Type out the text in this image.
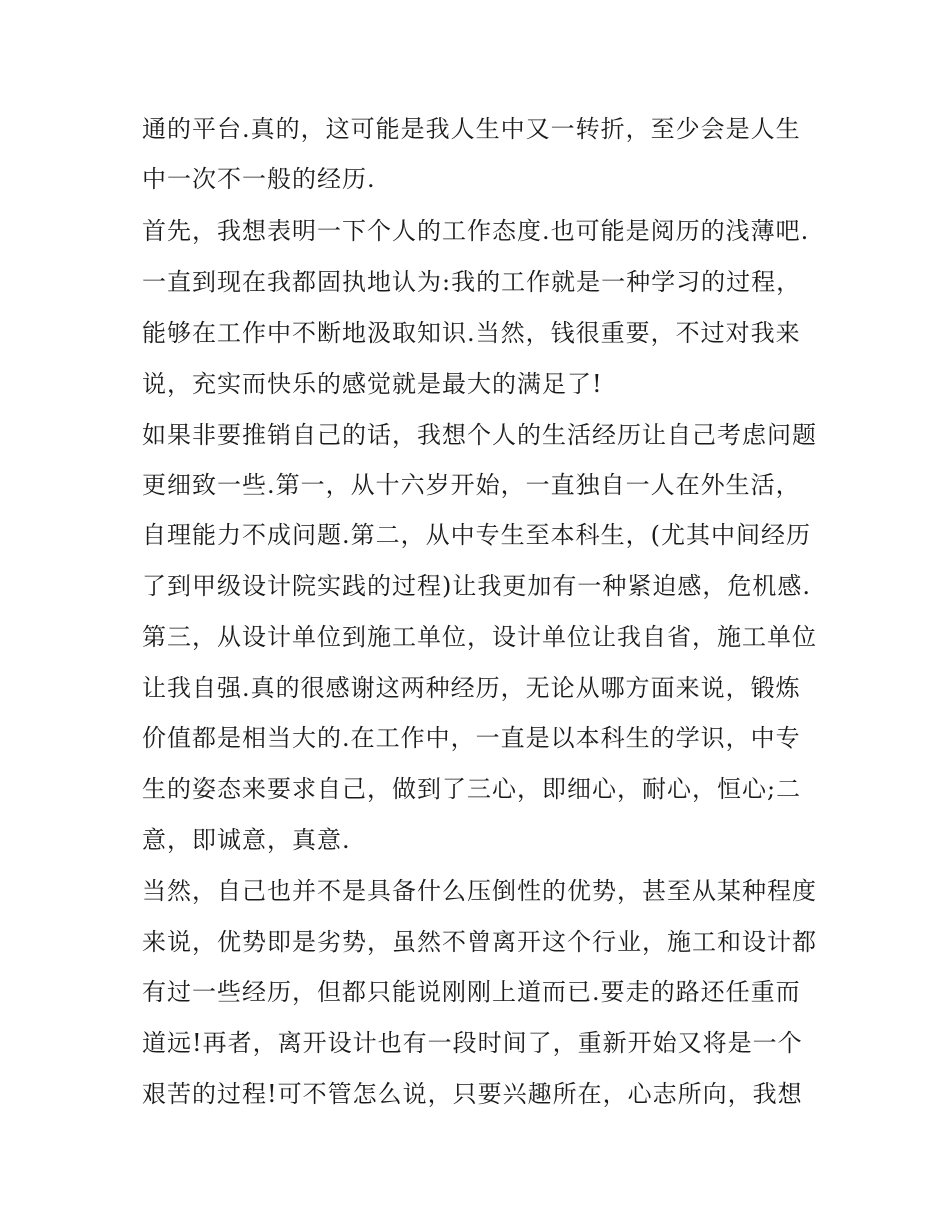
通的平台.真的，这可能是我人生中又一转折，至少会是人生
中一次不一般的经历.
首先，我想表明一下个人的工作态度.也可能是阅历的浅薄吧.
一直到现在我都固执地认为:我的工作就是一种学习的过程，
能够在工作中不断地汲取知识.当然，钱很重要，不过对我来
说，充实而快乐的感觉就是最大的满足了!
如果非要推销自己的话，我想个人的生活经历让自己考虑问题
更细致一些.第一，从十六岁开始，一直独自一人在外生活，
自理能力不成问题.第二，从中专生至本科生，(尤其中间经历
了到甲级设计院实践的过程)让我更加有一种紧迫感，危机感.
第三，从设计单位到施工单位，设计单位让我自省，施工单位
让我自强.真的很感谢这两种经历，无论从哪方面来说，锻炼
价值都是相当大的.在工作中，一直是以本科生的学识，中专
生的姿态来要求自己，做到了三心，即细心，耐心，恒心;二
意，即诚意，真意.
当然，自己也并不是具备什么压倒性的优势，甚至从某种程度
来说，优势即是劣势，虽然不曾离开这个行业，施工和设计都
有过一些经历，但都只能说刚刚上道而已.要走的路还任重而
道远!再者，离开设计也有一段时间了，重新开始又将是一个
艰苦的过程!可不管怎么说，只要兴趣所在，心志所向，我想
